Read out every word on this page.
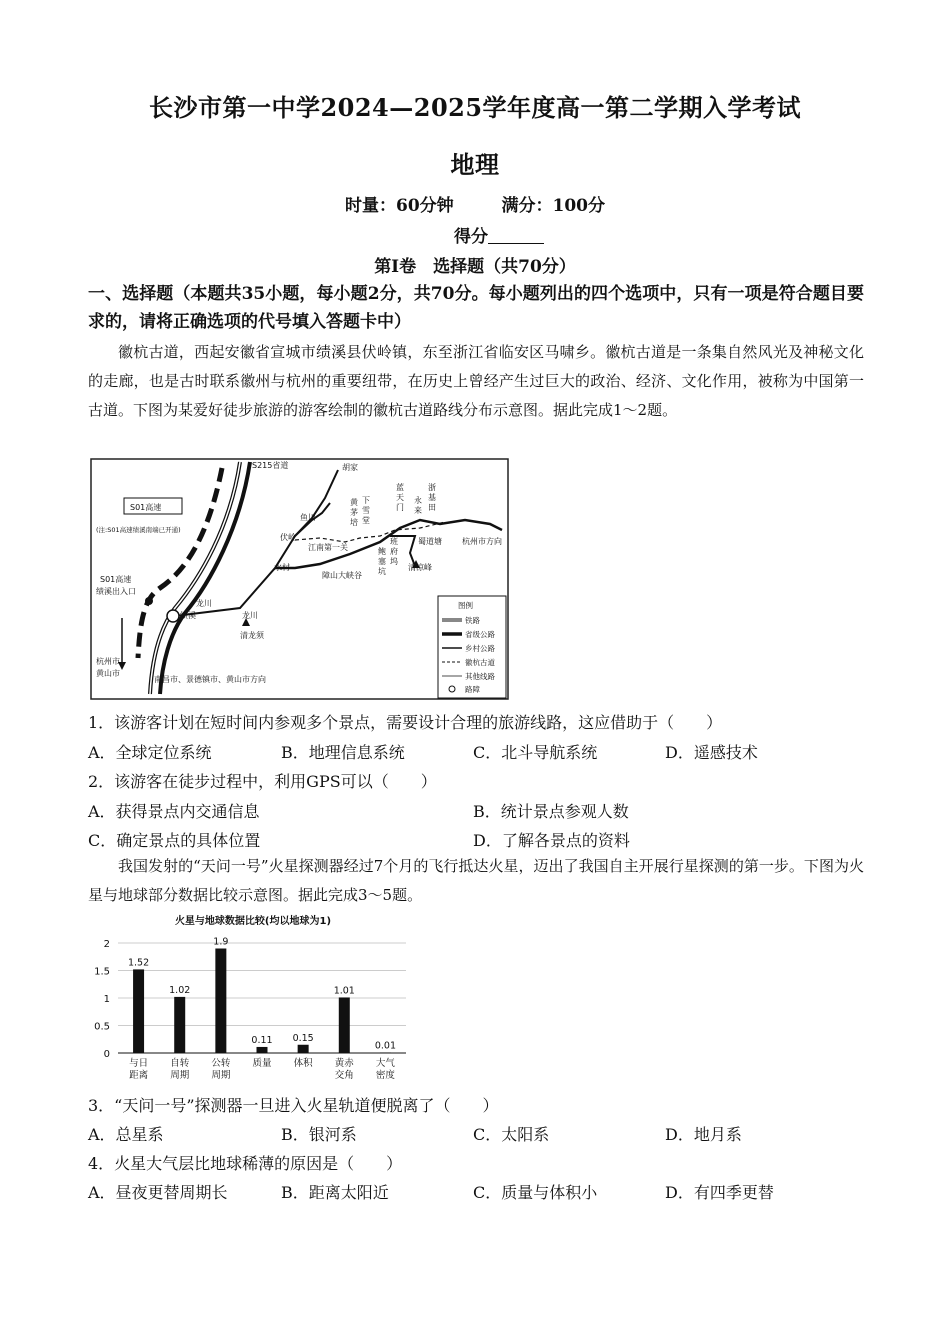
长沙市第一中学2024—2025学年度高一第二学期入学考试
地理
时量：60分钟	满分：100分
得分
第Ⅰ卷　选择题（共70分）
一、选择题（本题共35小题，每小题2分，共70分。每小题列出的四个选项中，只有一项是符合题目要求的，请将正确选项的代号填入答题卡中）
徽杭古道，西起安徽省宣城市绩溪县伏岭镇，东至浙江省临安区马啸乡。徽杭古道是一条集自然风光及神秘文化的走廊，也是古时联系徽州与杭州的重要纽带，在历史上曾经产生过巨大的政治、经济、文化作用，被称为中国第一古道。下图为某爱好徒步旅游的游客绘制的徽杭古道路线分布示意图。据此完成1～2题。
S01高速
(注:S01高速绩溪南端已开通)
S01高速
绩溪出入口
S215省道	胡家
鱼川
黄
茅
培
下
雪
堂
蓝
天
门
永
来
浙
基
田
伏岭
江南第一关
水村
班
府
坞
鲍
塞
坑
蜀道塘
清凉峰
杭州市方向
障山大峡谷
龙川
绩溪	龙川
清龙须
杭州市、
黄山市
南昌市、景德镇市、黄山市方向
图例
铁路
省级公路
乡村公路
徽杭古道
其他线路
路障
1．该游客计划在短时间内参观多个景点，需要设计合理的旅游线路，这应借助于（　　）
A．全球定位系统	B．地理信息系统	C．北斗导航系统	D．遥感技术
2．该游客在徒步过程中，利用GPS可以（　　）
A．获得景点内交通信息	B．统计景点参观人数
C．确定景点的具体位置	D．了解各景点的资料
我国发射的“天问一号”火星探测器经过7个月的飞行抵达火星，迈出了我国自主开展行星探测的第一步。下图为火星与地球部分数据比较示意图。据此完成3～5题。
火星与地球数据比较(均以地球为1)
0
0.5
1
1.5
2
1.52
1.02
1.9
0.11 0.15
1.01
0.01
与日
距离
自转
周期
公转
周期
质量 体积 黄赤
交角
大气
密度
3．“天问一号”探测器一旦进入火星轨道便脱离了（　　）
A．总星系	B．银河系	C．太阳系	D．地月系
4．火星大气层比地球稀薄的原因是（　　）
A．昼夜更替周期长	B．距离太阳近	C．质量与体积小	D．有四季更替
